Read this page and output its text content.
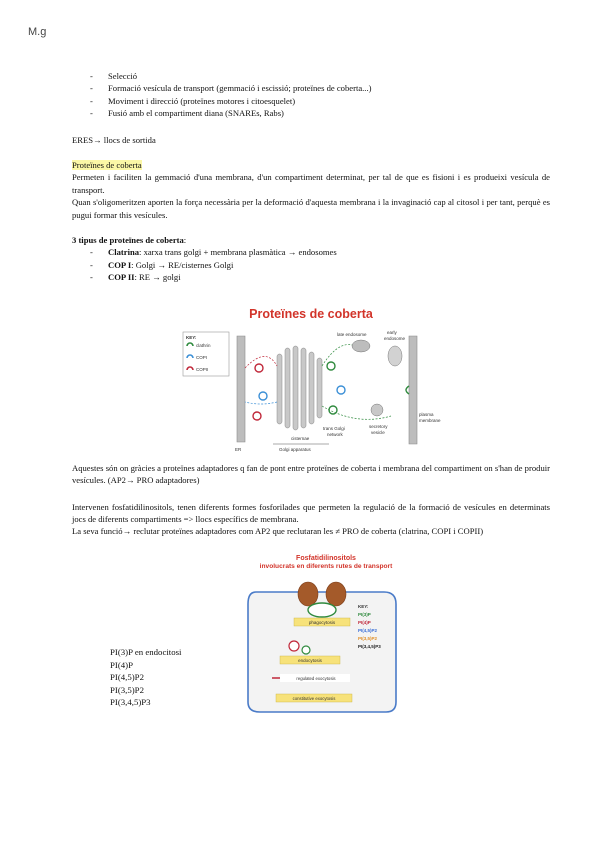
M.g
- Selecció
- Formació vesícula de transport (gemmació i escissió; proteïnes de coberta...)
- Moviment i direcció (proteïnes motores i citoesquelet)
- Fusió amb el compartiment diana (SNAREs, Rabs)

ERES→ llocs de sortida

Proteïnes de coberta

Permeten i faciliten la gemmació d'una membrana, d'un compartiment determinat, per tal de que es fisioni i es produeixi vesícula de transport.

Quan s'oligomeritzen aporten la força necessària per la deformació d'aquesta membrana i la invaginació cap al citosol i per tant, perquè es pugui formar this vesícules.

3 tipus de proteïnes de coberta:

- Clatrina: xarxa trans golgi + membrana plasmàtica → endosomes
- COP I: Golgi → RE/cisternes Golgi
- COP II: RE → golgi
Proteïnes de coberta
KEY:
clathrin
COPI
COPII
ER
late endosome	early
endosome
secretory
vesicle
plasma
membrane
cisternae
trans Golgi
network
Golgi apparatus

Aquestes són on gràcies a proteïnes adaptadores q fan de pont entre proteïnes de coberta i membrana del compartiment on s'han de produir vesícules. (AP2→ PRO adaptadores)

Intervenen fosfatidilinositols, tenen diferents formes fosforilades que permeten la regulació de la formació de vesícules en determinats jocs de diferents compartiments => llocs específics de membrana.

La seva funció→ reclutar proteïnes adaptadores com AP2 que reclutaran les ≠ PRO de coberta (clatrina, COPI i COPII)

Fosfatidilinositols
involucrats en diferents rutes de transport
phagocytosis
endocytosis
regulated exocytosis
constitutive exocytosis
KEY:
PI(3)P
PI(4)P
PI(4,5)P2
PI(3,5)P2
PI(3,4,5)P3
PI(3)P en endocitosi
PI(4)P
PI(4,5)P2
PI(3,5)P2
PI(3,4,5)P3
